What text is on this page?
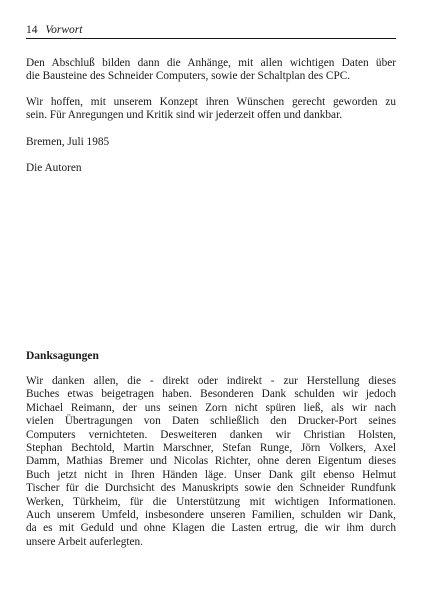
14 Vorwort
Den Abschluß bilden dann die Anhänge, mit allen wichtigen Daten über
die Bausteine des Schneider Computers, sowie der Schaltplan des CPC.
Wir hoffen, mit unserem Konzept ihren Wünschen gerecht geworden zu
sein. Für Anregungen und Kritik sind wir jederzeit offen und dankbar.

Bremen, Juli 1985

Die Autoren

Danksagungen

Wir danken allen, die - direkt oder indirekt - zur Herstellung dieses
Buches etwas beigetragen haben. Besonderen Dank schulden wir jedoch
Michael Reimann, der uns seinen Zorn nicht spüren ließ, als wir nach
vielen Übertragungen von Daten schließlich den Drucker-Port seines
Computers vernichteten. Desweiteren danken wir Christian Holsten,
Stephan Bechtold, Martin Marschner, Stefan Runge, Jörn Volkers, Axel
Damm, Mathias Bremer und Nicolas Richter, ohne deren Eigentum dieses
Buch jetzt nicht in Ihren Händen läge. Unser Dank gilt ebenso Helmut
Tischer für die Durchsicht des Manuskripts sowie den Schneider Rundfunk
Werken, Türkheim, für die Unterstützung mit wichtigen Informationen.
Auch unserem Umfeld, insbesondere unseren Familien, schulden wir Dank,
da es mit Geduld und ohne Klagen die Lasten ertrug, die wir ihm durch
unsere Arbeit auferlegten.
